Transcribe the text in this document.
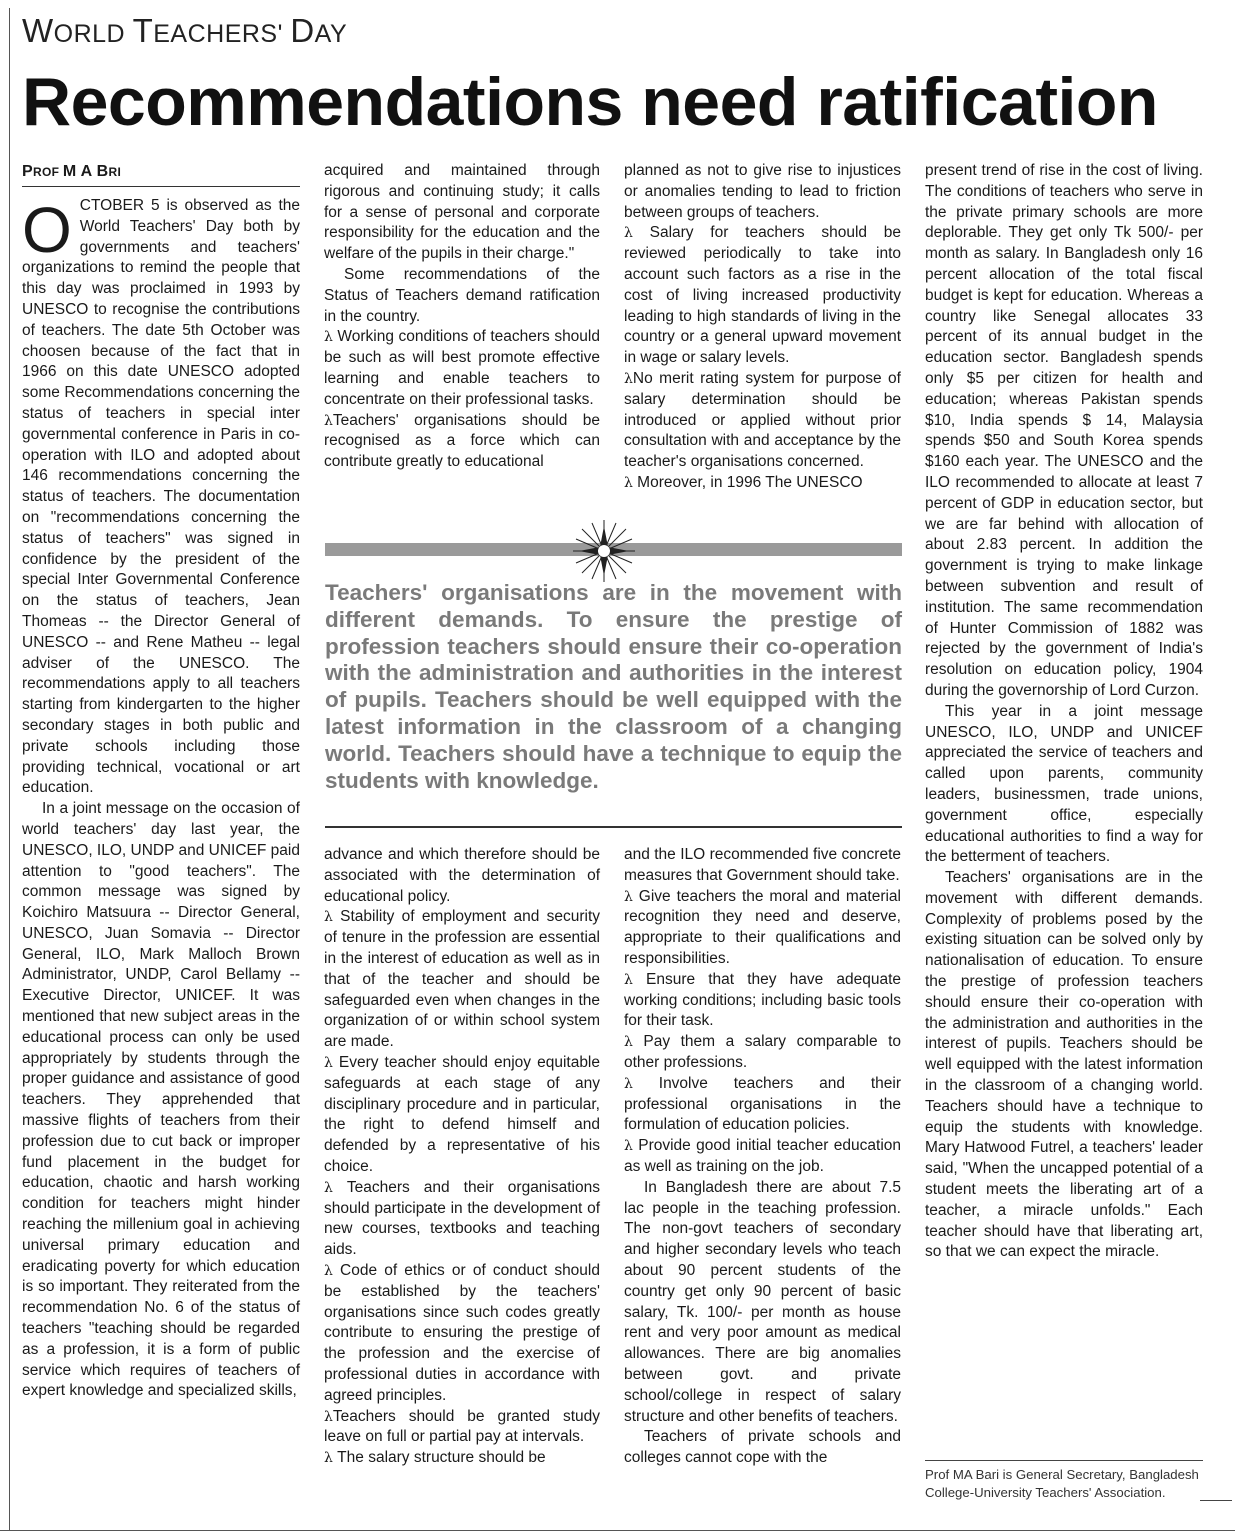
WORLD TEACHERS' DAY
Recommendations need ratification
PROF M A BRI

OCTOBER 5 is observed as the World Teachers' Day both by governments and teachers' organizations to remind the people that this day was proclaimed in 1993 by UNESCO to recognise the contributions of teachers. The date 5th October was choosen because of the fact that in 1966 on this date UNESCO adopted some Recommendations concerning the status of teachers in special inter governmental conference in Paris in co-operation with ILO and adopted about 146 recommendations concerning the status of teachers. The documentation on "recommendations concerning the status of teachers" was signed in confidence by the president of the special Inter Governmental Conference on the status of teachers, Jean Thomeas -- the Director General of UNESCO -- and Rene Matheu -- legal adviser of the UNESCO. The recommendations apply to all teachers starting from kindergarten to the higher secondary stages in both public and private schools including those providing technical, vocational or art education.

In a joint message on the occasion of world teachers' day last year, the UNESCO, ILO, UNDP and UNICEF paid attention to "good teachers". The common message was signed by Koichiro Matsuura -- Director General, UNESCO, Juan Somavia -- Director General, ILO, Mark Malloch Brown Administrator, UNDP, Carol Bellamy -- Executive Director, UNICEF. It was mentioned that new subject areas in the educational process can only be used appropriately by students through the proper guidance and assistance of good teachers. They apprehended that massive flights of teachers from their profession due to cut back or improper fund placement in the budget for education, chaotic and harsh working condition for teachers might hinder reaching the millenium goal in achieving universal primary education and eradicating poverty for which education is so important. They reiterated from the recommendation No. 6 of the status of teachers "teaching should be regarded as a profession, it is a form of public service which requires of teachers of expert knowledge and specialized skills,

acquired and maintained through rigorous and continuing study; it calls for a sense of personal and corporate responsibility for the education and the welfare of the pupils in their charge."

Some recommendations of the Status of Teachers demand ratification in the country.

λ Working conditions of teachers should be such as will best promote effective learning and enable teachers to concentrate on their professional tasks.

λTeachers' organisations should be recognised as a force which can contribute greatly to educational

planned as not to give rise to injustices or anomalies tending to lead to friction between groups of teachers.

λ Salary for teachers should be reviewed periodically to take into account such factors as a rise in the cost of living increased productivity leading to high standards of living in the country or a general upward movement in wage or salary levels.

λNo merit rating system for purpose of salary determination should be introduced or applied without prior consultation with and acceptance by the teacher's organisations concerned.

λ Moreover, in 1996 The UNESCO

Teachers' organisations are in the movement with different demands. To ensure the prestige of profession teachers should ensure their co-operation with the administration and authorities in the interest of pupils. Teachers should be well equipped with the latest information in the classroom of a changing world. Teachers should have a technique to equip the students with knowledge.

advance and which therefore should be associated with the determination of educational policy.

λ Stability of employment and security of tenure in the profession are essential in the interest of education as well as in that of the teacher and should be safeguarded even when changes in the organization of or within school system are made.

λ Every teacher should enjoy equitable safeguards at each stage of any disciplinary procedure and in particular, the right to defend himself and defended by a representative of his choice.

λ Teachers and their organisations should participate in the development of new courses, textbooks and teaching aids.

λ Code of ethics or of conduct should be established by the teachers' organisations since such codes greatly contribute to ensuring the prestige of the profession and the exercise of professional duties in accordance with agreed principles.

λTeachers should be granted study leave on full or partial pay at intervals.

λ The salary structure should be

and the ILO recommended five concrete measures that Government should take.

λ Give teachers the moral and material recognition they need and deserve, appropriate to their qualifications and responsibilities.

λ Ensure that they have adequate working conditions; including basic tools for their task.

λ Pay them a salary comparable to other professions.

λ Involve teachers and their professional organisations in the formulation of education policies.

λ Provide good initial teacher education as well as training on the job.

In Bangladesh there are about 7.5 lac people in the teaching profession. The non-govt teachers of secondary and higher secondary levels who teach about 90 percent students of the country get only 90 percent of basic salary, Tk. 100/- per month as house rent and very poor amount as medical allowances. There are big anomalies between govt. and private school/college in respect of salary structure and other benefits of teachers.

Teachers of private schools and colleges cannot cope with the

present trend of rise in the cost of living. The conditions of teachers who serve in the private primary schools are more deplorable. They get only Tk 500/- per month as salary. In Bangladesh only 16 percent allocation of the total fiscal budget is kept for education. Whereas a country like Senegal allocates 33 percent of its annual budget in the education sector. Bangladesh spends only $5 per citizen for health and education; whereas Pakistan spends $10, India spends $ 14, Malaysia spends $50 and South Korea spends $160 each year. The UNESCO and the ILO recommended to allocate at least 7 percent of GDP in education sector, but we are far behind with allocation of about 2.83 percent. In addition the government is trying to make linkage between subvention and result of institution. The same recommendation of Hunter Commission of 1882 was rejected by the government of India's resolution on education policy, 1904 during the governorship of Lord Curzon.

This year in a joint message UNESCO, ILO, UNDP and UNICEF appreciated the service of teachers and called upon parents, community leaders, businessmen, trade unions, government office, especially educational authorities to find a way for the betterment of teachers.

Teachers' organisations are in the movement with different demands. Complexity of problems posed by the existing situation can be solved only by nationalisation of education. To ensure the prestige of profession teachers should ensure their co-operation with the administration and authorities in the interest of pupils. Teachers should be well equipped with the latest information in the classroom of a changing world. Teachers should have a technique to equip the students with knowledge. Mary Hatwood Futrel, a teachers' leader said, "When the uncapped potential of a student meets the liberating art of a teacher, a miracle unfolds." Each teacher should have that liberating art, so that we can expect the miracle.

Prof MA Bari is General Secretary, Bangladesh College-University Teachers' Association.
